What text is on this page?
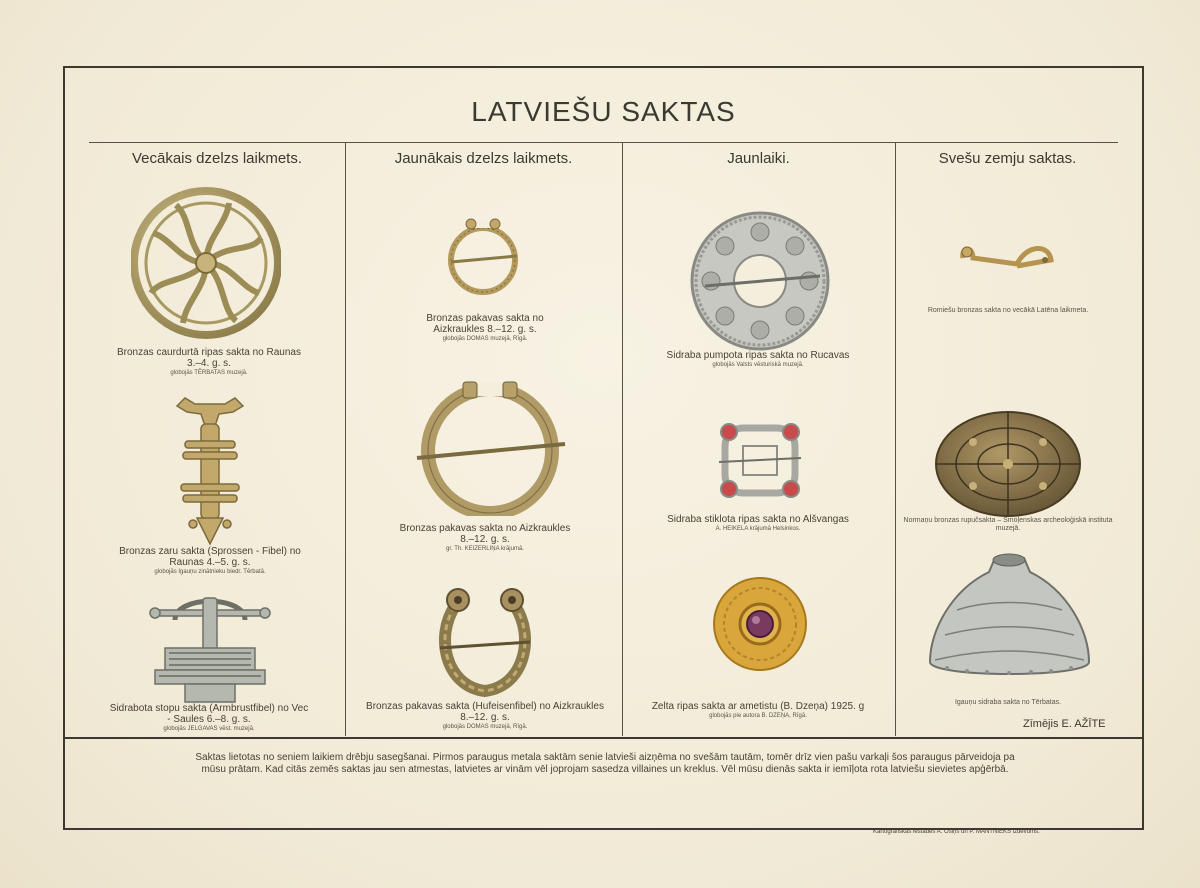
LATVIEŠU SAKTAS
Vecākais dzelzs laikmets.	Jaunākais dzelzs laikmets.	Jaunlaiki.	Svešu zemju saktas.
Bronzas caurdurtā ripas sakta no Raunas 3.–4. g. s.
globojās TĒRBATAS muzejā.
Bronzas zaru sakta (Sprossen - Fibel) no Raunas 4.–5. g. s.
globojās Igauņu zinātnieku biedr. Tērbatā.
Sidrabota stopu sakta (Armbrustfibel) no Vec - Saules 6.–8. g. s.
globojās JELGAVAS vēst. muzejā.
Bronzas pakavas sakta no Aizkraukles 8.–12. g. s.
globojās DOMAS muzejā, Rīgā.
Bronzas pakavas sakta no Aizkraukles 8.–12. g. s.
gr. Th. KEIZERLIŅA krājumā.
Bronzas pakavas sakta (Hufeisenfibel) no Aizkraukles 8.–12. g. s.
globojās DOMAS muzejā, Rīgā.
Sidraba pumpota ripas sakta no Rucavas
globojās Valsts vēsturiskā muzejā.
Sidraba stiklota ripas sakta no Alšvangas
A. HEIKELA krājumā Helsinkos.
Zelta ripas sakta ar ametistu (B. Dzeņa) 1925. g
globojās pie autora B. DZEŅA, Rīgā.
Romiešu bronzas sakta no vecākā Latēna laikmeta.
Normaņu bronzas rupučsakta – Smoļenskas archeoloģiskā instituta muzejā.
Igauņu sidraba sakta no Tērbatas.
Zīmējis E. AŽĪTE
Saktas lietotas no seniem laikiem drēbju sasegšanai. Pirmos paraugus metala saktām senie latvieši aizņēma no svešām tautām, tomēr drīz vien pašu varkaļi šos paraugus pārveidoja pa mūsu prātam. Kad citās zemēs saktas jau sen atmestas, latvietes ar vinām vēl joprojam sasedza villaines un kreklus. Vēl mūsu dienās sakta ir iemīļota rota latviešu sievietes apģērbā.
Kartografiskās iestādes A. Ošiņš un P. MANTNIEKS izdevums.
